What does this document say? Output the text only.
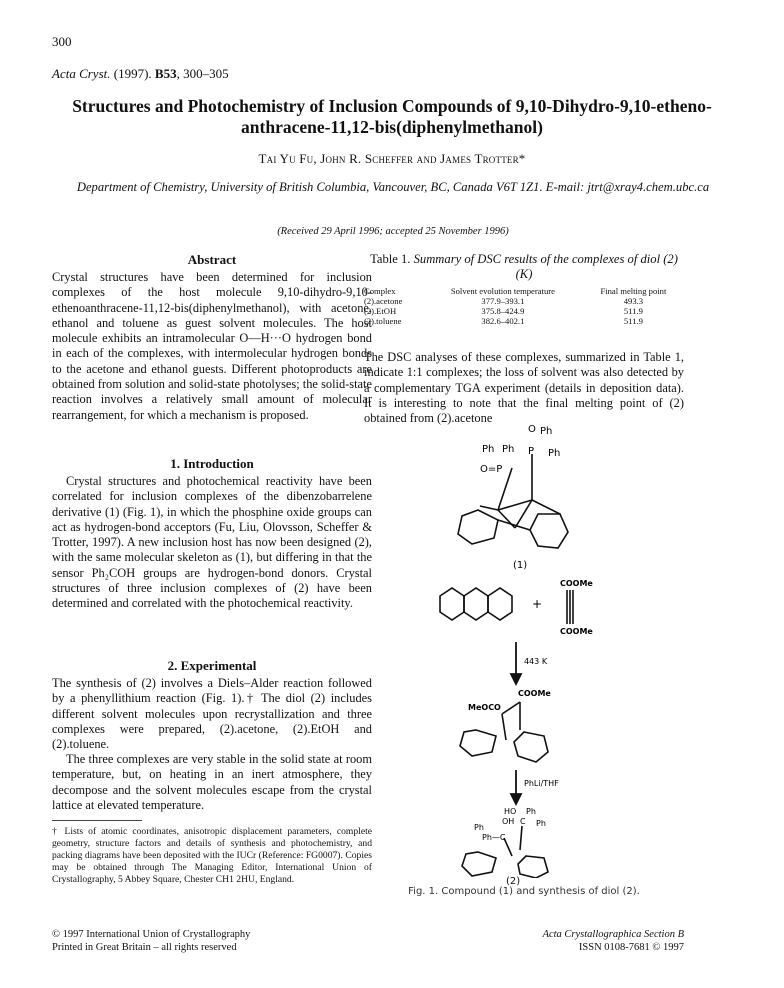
300
Acta Cryst. (1997). B53, 300–305
Structures and Photochemistry of Inclusion Compounds of 9,10-Dihydro-9,10-etheno-anthracene-11,12-bis(diphenylmethanol)
Tai Yu Fu, John R. Scheffer and James Trotter*
Department of Chemistry, University of British Columbia, Vancouver, BC, Canada V6T 1Z1. E-mail: jtrt@xray4.chem.ubc.ca
(Received 29 April 1996; accepted 25 November 1996)
Abstract
Crystal structures have been determined for inclusion complexes of the host molecule 9,10-dihydro-9,10-ethenoanthracene-11,12-bis(diphenylmethanol), with acetone, ethanol and toluene as guest solvent molecules. The host molecule exhibits an intramolecular O—H···O hydrogen bond in each of the complexes, with intermolecular hydrogen bonds to the acetone and ethanol guests. Different photoproducts are obtained from solution and solid-state photolyses; the solid-state reaction involves a relatively small amount of molecular rearrangement, for which a mechanism is proposed.
1. Introduction
Crystal structures and photochemical reactivity have been correlated for inclusion complexes of the dibenzobarrelene derivative (1) (Fig. 1), in which the phosphine oxide groups can act as hydrogen-bond acceptors (Fu, Liu, Olovsson, Scheffer & Trotter, 1997). A new inclusion host has now been designed (2), with the same molecular skeleton as (1), but differing in that the sensor Ph₂COH groups are hydrogen-bond donors. Crystal structures of three inclusion complexes of (2) have been determined and correlated with the photochemical reactivity.
2. Experimental
The synthesis of (2) involves a Diels–Alder reaction followed by a phenyllithium reaction (Fig. 1).† The diol (2) includes different solvent molecules upon recrystallization and three complexes were prepared, (2).acetone, (2).EtOH and (2).toluene.
The three complexes are very stable in the solid state at room temperature, but, on heating in an inert atmosphere, they decompose and the solvent molecules escape from the crystal lattice at elevated temperature.
† Lists of atomic coordinates, anisotropic displacement parameters, complete geometry, structure factors and details of synthesis and photochemistry, and packing diagrams have been deposited with the IUCr (Reference: FG0007). Copies may be obtained through The Managing Editor, International Union of Crystallography, 5 Abbey Square, Chester CH1 2HU, England.
Table 1. Summary of DSC results of the complexes of diol (2) (K)
Complex	Solvent evolution temperature	Final melting point
(2).acetone	377.9–393.1	493.3
(2).EtOH	375.8–424.9	511.9
(2).toluene	382.6–402.1	511.9
The DSC analyses of these complexes, summarized in Table 1, indicate 1:1 complexes; the loss of solvent was also detected by a complementary TGA experiment (details in deposition data). It is interesting to note that the final melting point of (2) obtained from (2).acetone
O Ph
P Ph
Ph Ph
O=P
(1)
+
COOMe
COOMe
443 K
COOMe
MeOCO
PhLi/THF
HO Ph
OH C Ph
Ph
Ph—C
(2)
Fig. 1. Compound (1) and synthesis of diol (2).
© 1997 International Union of Crystallography
Printed in Great Britain – all rights reserved
Acta Crystallographica Section B
ISSN 0108-7681 © 1997
